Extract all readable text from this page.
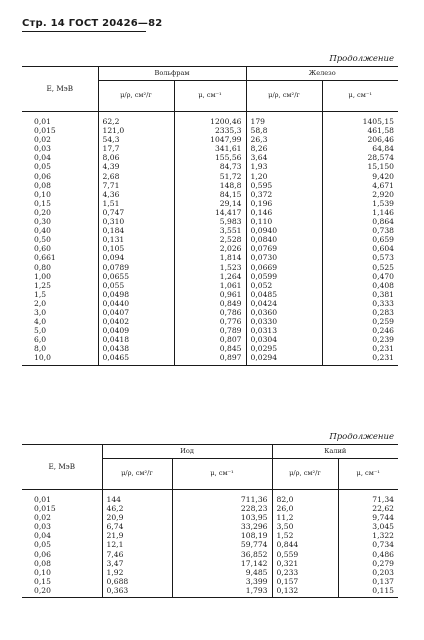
Стр. 14 ГОСТ 20426—82
Продолжение
E, МэВ	Вольфрам		Железо	
	μ/ρ, см²/г	μ, см⁻¹	μ/ρ, см²/г	μ, см⁻¹
0,01	62,2	1200,46	179	1405,15
0,015	121,0	2335,3	58,8	461,58
0,02	54,3	1047,99	26,3	206,46
0,03	17,7	341,61	8,26	64,84
0,04	8,06	155,56	3,64	28,574
0,05	4,39	84,73	1,93	15,150
0,06	2,68	51,72	1,20	9,420
0,08	7,71	148,8	0,595	4,671
0,10	4,36	84,15	0,372	2,920
0,15	1,51	29,14	0,196	1,539
0,20	0,747	14,417	0,146	1,146
0,30	0,310	5,983	0,110	0,864
0,40	0,184	3,551	0,0940	0,738
0,50	0,131	2,528	0,0840	0,659
0,60	0,105	2,026	0,0769	0,604
0,661	0,094	1,814	0,0730	0,573
0,80	0,0789	1,523	0,0669	0,525
1,00	0,0655	1,264	0,0599	0,470
1,25	0,055	1,061	0,052	0,408
1,5	0,0498	0,961	0,0485	0,381
2,0	0,0440	0,849	0,0424	0,333
3,0	0,0407	0,786	0,0360	0,283
4,0	0,0402	0,776	0,0330	0,259
5,0	0,0409	0,789	0,0313	0,246
6,0	0,0418	0,807	0,0304	0,239
8,0	0,0438	0,845	0,0295	0,231
10,0	0,0465	0,897	0,0294	0,231
Продолжение
E, МэВ	Иод		Калий	
	μ/ρ, см²/г	μ, см⁻¹	μ/ρ, см²/г	μ, см⁻¹
0,01	144	711,36	82,0	71,34
0,015	46,2	228,23	26,0	22,62
0,02	20,9	103,95	11,2	9,744
0,03	6,74	33,296	3,50	3,045
0,04	21,9	108,19	1,52	1,322
0,05	12,1	59,774	0,844	0,734
0,06	7,46	36,852	0,559	0,486
0,08	3,47	17,142	0,321	0,279
0,10	1,92	9,485	0,233	0,203
0,15	0,688	3,399	0,157	0,137
0,20	0,363	1,793	0,132	0,115
